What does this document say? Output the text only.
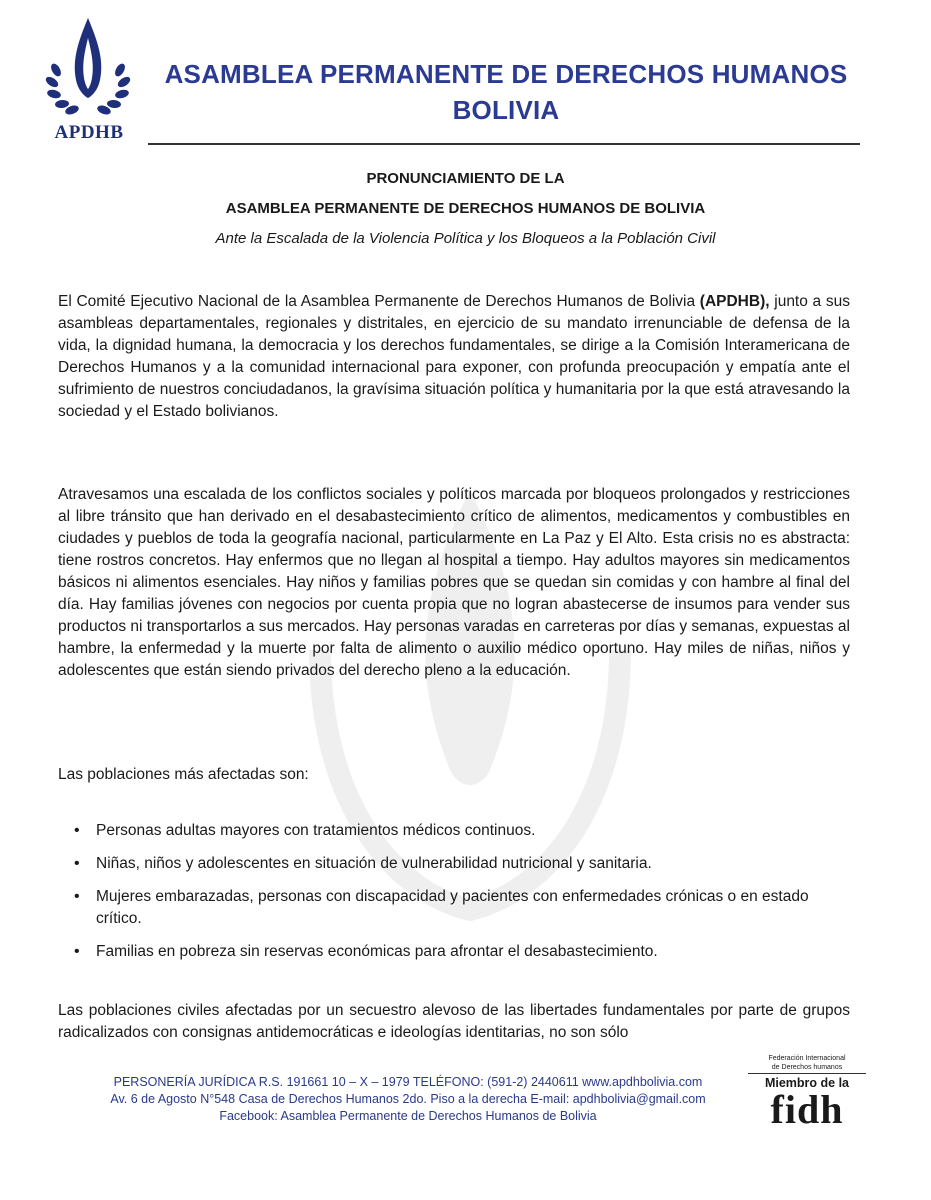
APDHB
ASAMBLEA PERMANENTE DE DERECHOS HUMANOS
BOLIVIA
PRONUNCIAMIENTO DE LA
ASAMBLEA PERMANENTE DE DERECHOS HUMANOS DE BOLIVIA
Ante la Escalada de la Violencia Política y los Bloqueos a la Población Civil
El Comité Ejecutivo Nacional de la Asamblea Permanente de Derechos Humanos de Bolivia (APDHB), junto a sus asambleas departamentales, regionales y distritales, en ejercicio de su mandato irrenunciable de defensa de la vida, la dignidad humana, la democracia y los derechos fundamentales, se dirige a la Comisión Interamericana de Derechos Humanos y a la comunidad internacional para exponer, con profunda preocupación y empatía ante el sufrimiento de nuestros conciudadanos, la gravísima situación política y humanitaria por la que está atravesando la sociedad y el Estado bolivianos.
Atravesamos una escalada de los conflictos sociales y políticos marcada por bloqueos prolongados y restricciones al libre tránsito que han derivado en el desabastecimiento crítico de alimentos, medicamentos y combustibles en ciudades y pueblos de toda la geografía nacional, particularmente en La Paz y El Alto. Esta crisis no es abstracta: tiene rostros concretos. Hay enfermos que no llegan al hospital a tiempo. Hay adultos mayores sin medicamentos básicos ni alimentos esenciales. Hay niños y familias pobres que se quedan sin comidas y con hambre al final del día. Hay familias jóvenes con negocios por cuenta propia que no logran abastecerse de insumos para vender sus productos ni transportarlos a sus mercados. Hay personas varadas en carreteras por días y semanas, expuestas al hambre, la enfermedad y la muerte por falta de alimento o auxilio médico oportuno. Hay miles de niñas, niños y adolescentes que están siendo privados del derecho pleno a la educación.
Las poblaciones más afectadas son:
• Personas adultas mayores con tratamientos médicos continuos.
• Niñas, niños y adolescentes en situación de vulnerabilidad nutricional y sanitaria.
• Mujeres embarazadas, personas con discapacidad y pacientes con enfermedades crónicas o en estado crítico.
• Familias en pobreza sin reservas económicas para afrontar el desabastecimiento.
Las poblaciones civiles afectadas por un secuestro alevoso de las libertades fundamentales por parte de grupos radicalizados con consignas antidemocráticas e ideologías identitarias, no son sólo
PERSONERÍA JURÍDICA R.S. 191661 10 – X – 1979 TELÉFONO: (591-2) 2440611 www.apdhbolivia.com
Av. 6 de Agosto N°548 Casa de Derechos Humanos 2do. Piso a la derecha E-mail: apdhbolivia@gmail.com
Facebook: Asamblea Permanente de Derechos Humanos de Bolivia
Federación Internacional
de Derechos humanos
Miembro de la
fidh
